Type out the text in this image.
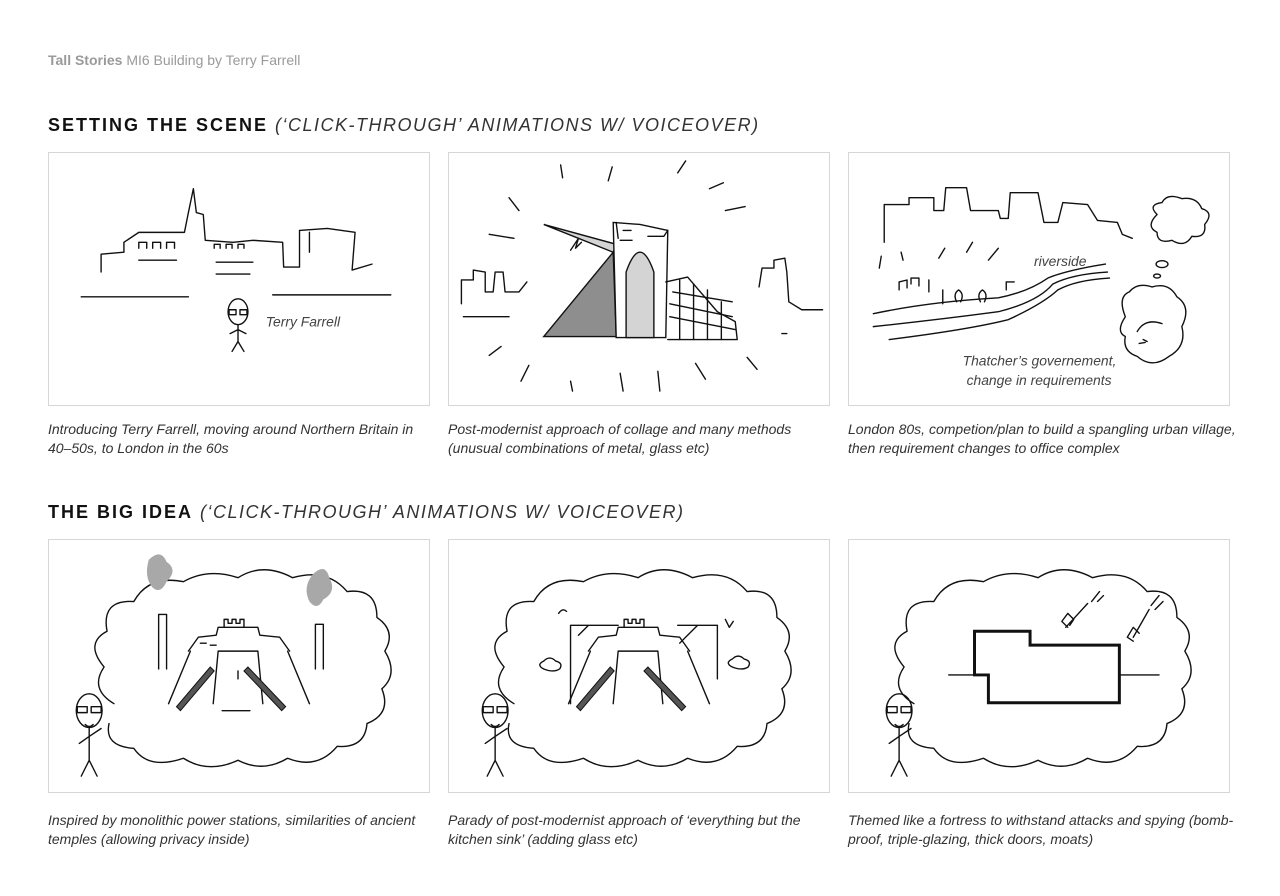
Tall Stories MI6 Building by Terry Farrell
SETTING THE SCENE (‘CLICK-THROUGH’ ANIMATIONS W/ VOICEOVER)
Terry Farrell
Introducing Terry Farrell, moving around Northern Britain in 40–50s, to London in the 60s
Post-modernist approach of collage and many methods (unusual combinations of metal, glass etc)
riverside
Thatcher’s governement,
change in requirements
London 80s, competion/plan to build a spangling urban village, then requirement changes to office complex
THE BIG IDEA (‘CLICK-THROUGH’ ANIMATIONS W/ VOICEOVER)
Inspired by monolithic power stations, similarities of ancient temples (allowing privacy inside)
Parady of post-modernist approach of ‘everything but the kitchen sink’ (adding glass etc)
Themed like a fortress to withstand attacks and spying (bomb-proof, triple-glazing, thick doors, moats)
